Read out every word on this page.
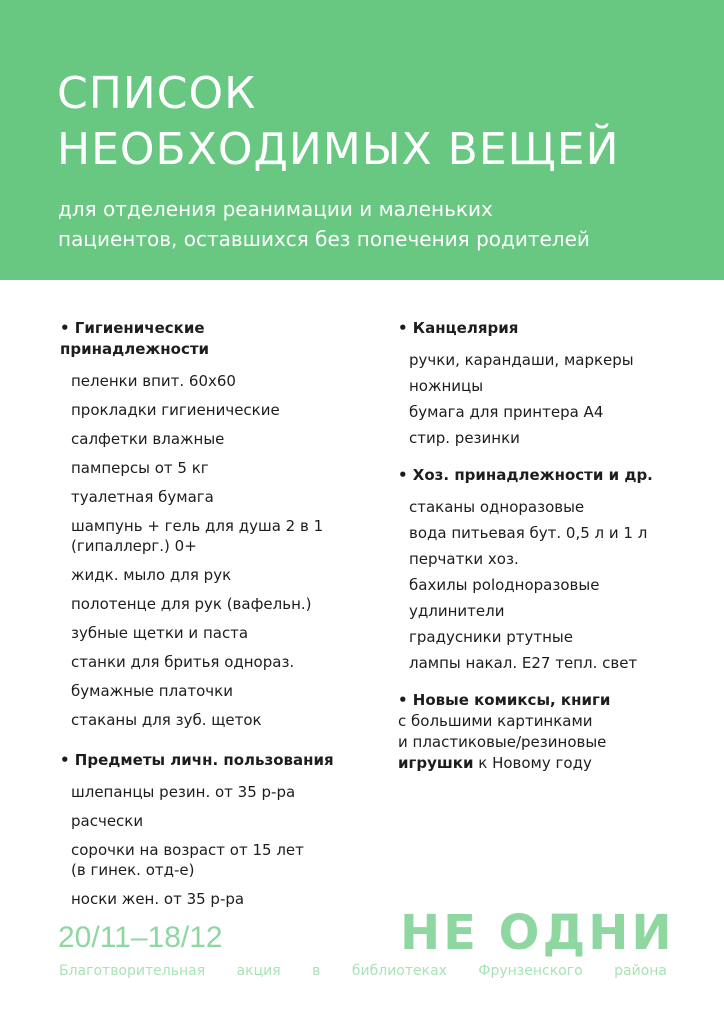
СПИСОК
НЕОБХОДИМЫХ ВЕЩЕЙ

для отделения реанимации и маленьких
пациентов, оставшихся без попечения родителей

• Гигиенические
принадлежности
пеленки впит. 60х60
прокладки гигиенические
салфетки влажные
памперсы от 5 кг
туалетная бумага
шампунь + гель для душа 2 в 1
(гипаллерг.) 0+
жидк. мыло для рук
полотенце для рук (вафельн.)
зубные щетки и паста
станки для бритья однораз.
бумажные платочки
стаканы для зуб. щеток
• Предметы личн. пользования
шлепанцы резин. от 35 р-ра
расчески
сорочки на возраст от 15 лет
(в гинек. отд-е)
носки жен. от 35 р-ра
• Канцелярия
ручки, карандаши, маркеры
ножницы
бумага для принтера А4
стир. резинки
• Хоз. принадлежности и др.
стаканы одноразовые
вода питьевая бут. 0,5 л и 1 л
перчатки хоз.
бахилы polодноразовые
удлинители
градусники ртутные
лампы накал. Е27 тепл. свет
• Новые комиксы, книги
с большими картинками
и пластиковые/резиновые
игрушки к Новому году
20/11–18/12	НЕ ОДНИ
Благотворительная акция в библиотеках Фрунзенского района
